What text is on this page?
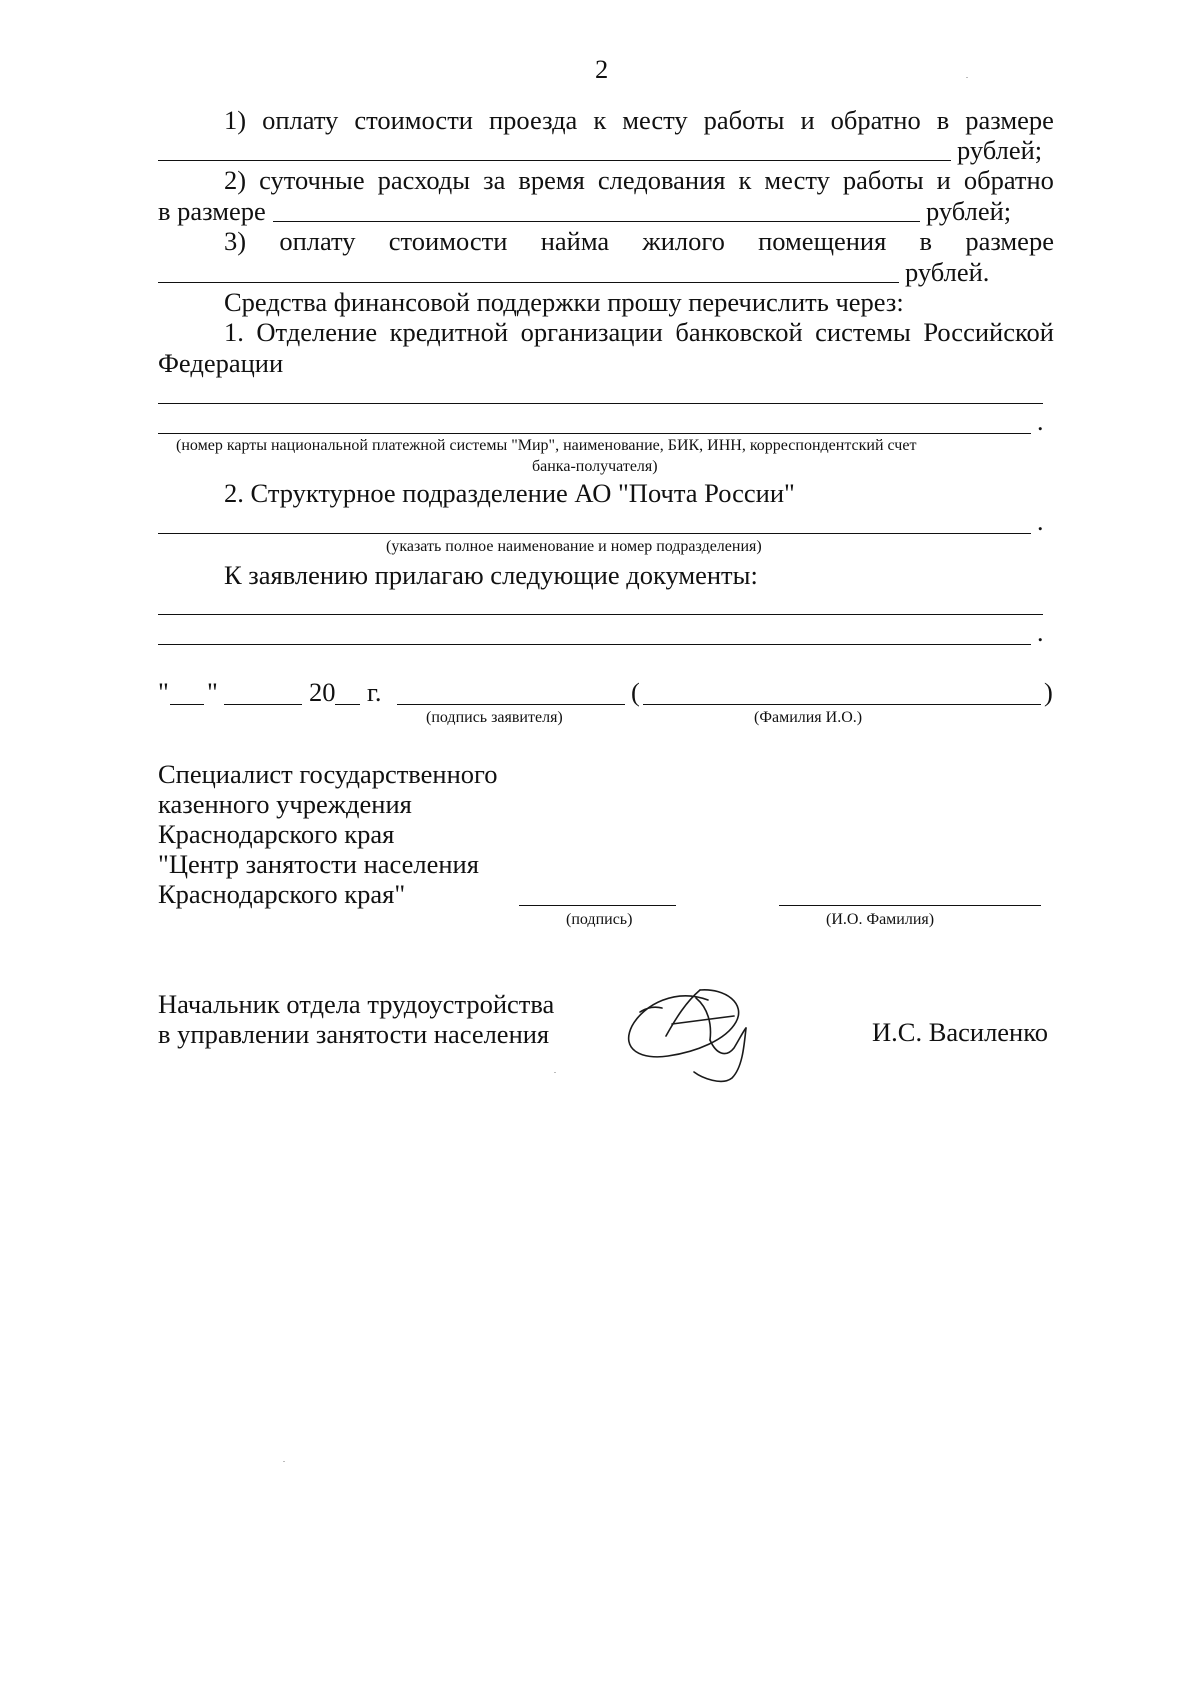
2
1) оплату стоимости проезда к месту работы и обратно в размере
рублей;
2) суточные расходы за время следования к месту работы и обратно
в размере	рублей;
3) оплату стоимости найма жилого помещения в размере
рублей.
Средства финансовой поддержки прошу перечислить через:
1. Отделение кредитной организации банковской системы Российской
Федерации
.
(номер карты национальной платежной системы "Мир", наименование, БИК, ИНН, корреспондентский счет
банка-получателя)
2. Структурное подразделение АО "Почта России"
.
(указать полное наименование и номер подразделения)
К заявлению прилагаю следующие документы:
.
" "	20 г.	(	)
(подпись заявителя)	(Фамилия И.О.)
Специалист государственного
казенного учреждения
Краснодарского края
"Центр занятости населения
Краснодарского края"
(подпись)	(И.О. Фамилия)
Начальник отдела трудоустройства
в управлении занятости населения	И.С. Василенко
